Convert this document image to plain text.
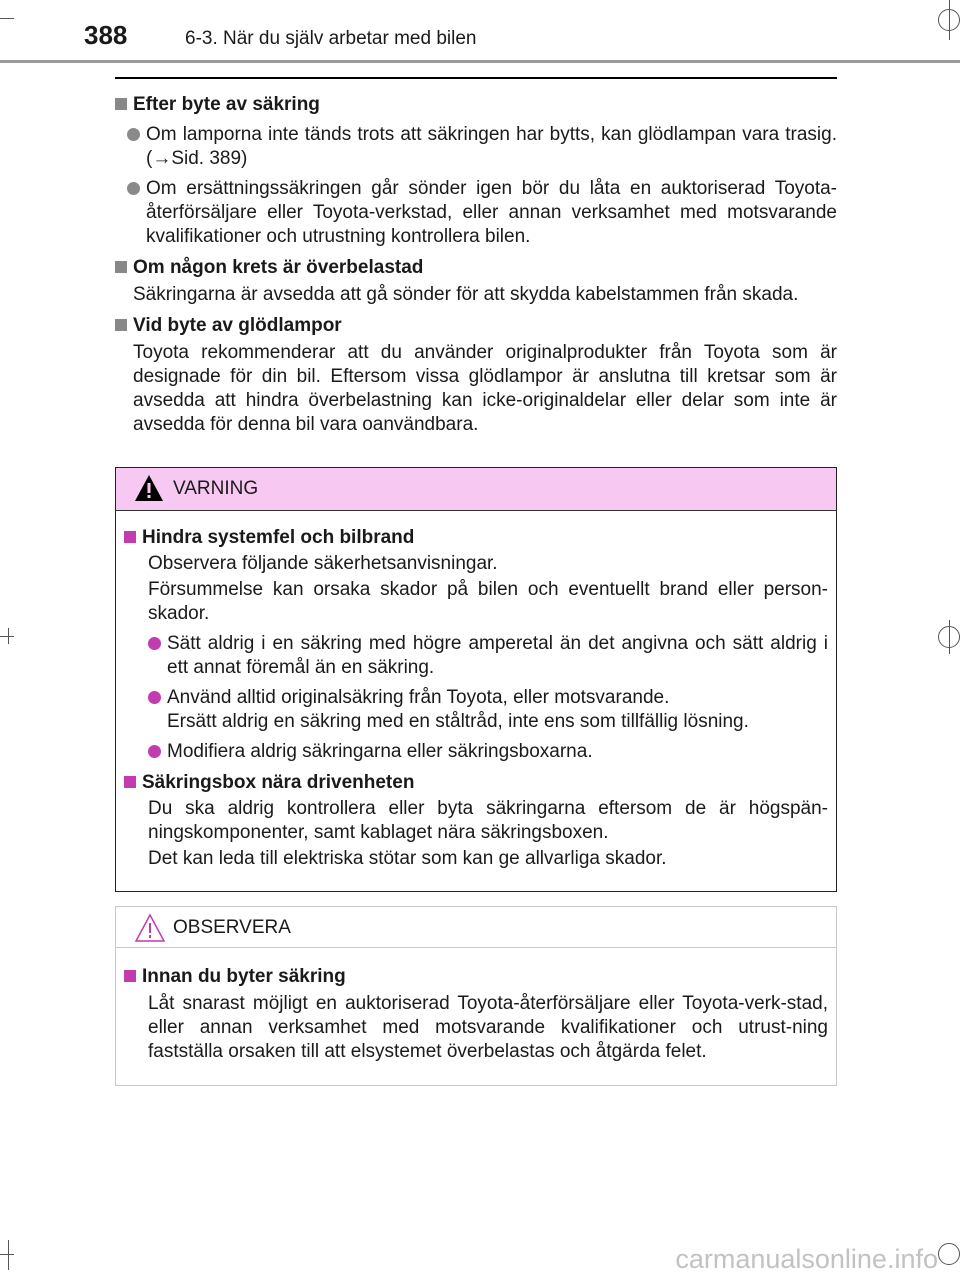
388	6-3. När du själv arbetar med bilen
Efter byte av säkring
Om lamporna inte tänds trots att säkringen har bytts, kan glödlampan vara trasig. (→Sid. 389)
Om ersättningssäkringen går sönder igen bör du låta en auktoriserad Toyota-återförsäljare eller Toyota-verkstad, eller annan verksamhet med motsvarande kvalifikationer och utrustning kontrollera bilen.
Om någon krets är överbelastad
Säkringarna är avsedda att gå sönder för att skydda kabelstammen från skada.
Vid byte av glödlampor
Toyota rekommenderar att du använder originalprodukter från Toyota som är designade för din bil. Eftersom vissa glödlampor är anslutna till kretsar som är avsedda att hindra överbelastning kan icke-originaldelar eller delar som inte är avsedda för denna bil vara oanvändbara.
VARNING
Hindra systemfel och bilbrand
Observera följande säkerhetsanvisningar.
Försummelse kan orsaka skador på bilen och eventuellt brand eller person-skador.
Sätt aldrig i en säkring med högre amperetal än det angivna och sätt aldrig i ett annat föremål än en säkring.
Använd alltid originalsäkring från Toyota, eller motsvarande.
Ersätt aldrig en säkring med en ståltråd, inte ens som tillfällig lösning.
Modifiera aldrig säkringarna eller säkringsboxarna.
Säkringsbox nära drivenheten
Du ska aldrig kontrollera eller byta säkringarna eftersom de är högspän-ningskomponenter, samt kablaget nära säkringsboxen.
Det kan leda till elektriska stötar som kan ge allvarliga skador.
OBSERVERA
Innan du byter säkring
Låt snarast möjligt en auktoriserad Toyota-återförsäljare eller Toyota-verk-stad, eller annan verksamhet med motsvarande kvalifikationer och utrust-ning fastställa orsaken till att elsystemet överbelastas och åtgärda felet.
carmanualsonline.info
